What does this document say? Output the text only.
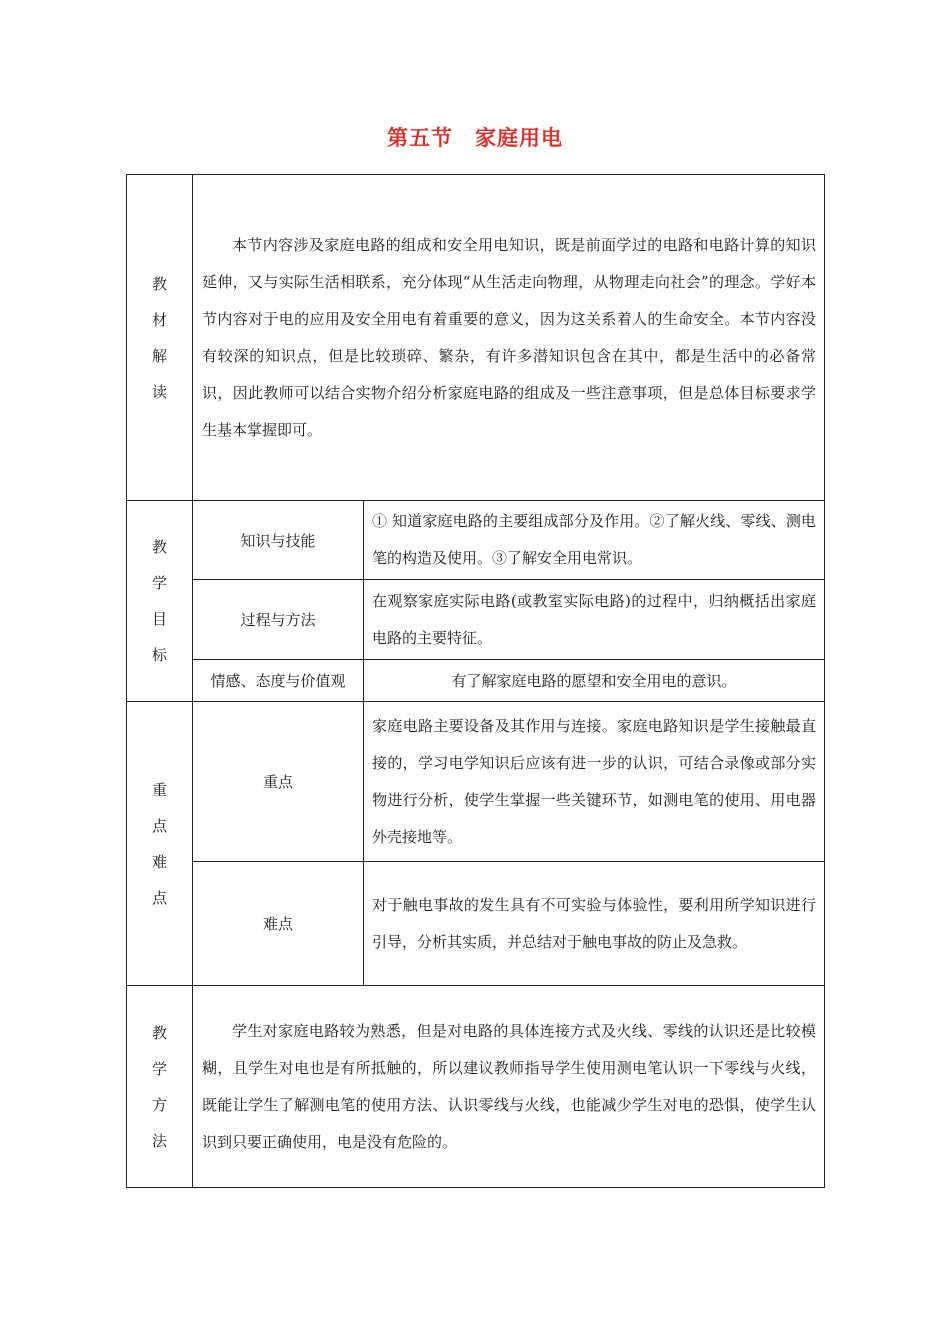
第五节 家庭用电
教材解读	本节内容涉及家庭电路的组成和安全用电知识，既是前面学过的电路和电路计算的知识延伸，又与实际生活相联系，充分体现“从生活走向物理，从物理走向社会”的理念。学好本节内容对于电的应用及安全用电有着重要的意义，因为这关系着人的生命安全。本节内容没有较深的知识点，但是比较琐碎、繁杂，有许多潜知识包含在其中，都是生活中的必备常识，因此教师可以结合实物介绍分析家庭电路的组成及一些注意事项，但是总体目标要求学生基本掌握即可。	
教学目标	知识与技能	① 知道家庭电路的主要组成部分及作用。②了解火线、零线、测电笔的构造及使用。③了解安全用电常识。
	过程与方法	在观察家庭实际电路(或教室实际电路)的过程中，归纳概括出家庭电路的主要特征。
	情感、态度与价值观	有了解家庭电路的愿望和安全用电的意识。
重点难点	重点	家庭电路主要设备及其作用与连接。家庭电路知识是学生接触最直接的，学习电学知识后应该有进一步的认识，可结合录像或部分实物进行分析，使学生掌握一些关键环节，如测电笔的使用、用电器外壳接地等。
	难点	对于触电事故的发生具有不可实验与体验性，要利用所学知识进行引导，分析其实质，并总结对于触电事故的防止及急救。
教学方法	学生对家庭电路较为熟悉，但是对电路的具体连接方式及火线、零线的认识还是比较模糊，且学生对电也是有所抵触的，所以建议教师指导学生使用测电笔认识一下零线与火线，既能让学生了解测电笔的使用方法、认识零线与火线，也能减少学生对电的恐惧，使学生认识到只要正确使用，电是没有危险的。	
